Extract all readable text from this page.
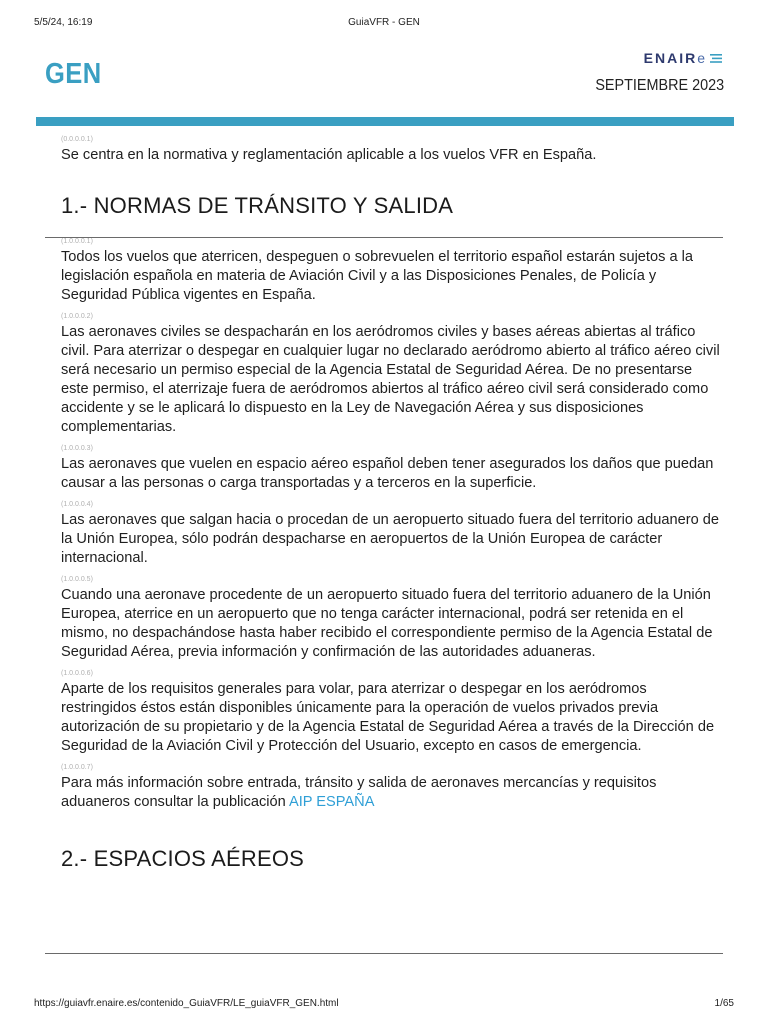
5/5/24, 16:19	GuiaVFR - GEN
GEN	ENAIRe
SEPTIEMBRE 2023
(0.0.0.0.1)

Se centra en la normativa y reglamentación aplicable a los vuelos VFR en España.

1.- NORMAS DE TRÁNSITO Y SALIDA
(1.0.0.0.1)

Todos los vuelos que aterricen, despeguen o sobrevuelen el territorio español estarán sujetos a la legislación española en materia de Aviación Civil y a las Disposiciones Penales, de Policía y Seguridad Pública vigentes en España.

(1.0.0.0.2)

Las aeronaves civiles se despacharán en los aeródromos civiles y bases aéreas abiertas al tráfico civil. Para aterrizar o despegar en cualquier lugar no declarado aeródromo abierto al tráfico aéreo civil será necesario un permiso especial de la Agencia Estatal de Seguridad Aérea. De no presentarse este permiso, el aterrizaje fuera de aeródromos abiertos al tráfico aéreo civil será considerado como accidente y se le aplicará lo dispuesto en la Ley de Navegación Aérea y sus disposiciones complementarias.

(1.0.0.0.3)

Las aeronaves que vuelen en espacio aéreo español deben tener asegurados los daños que puedan causar a las personas o carga transportadas y a terceros en la superficie.

(1.0.0.0.4)

Las aeronaves que salgan hacia o procedan de un aeropuerto situado fuera del territorio aduanero de la Unión Europea, sólo podrán despacharse en aeropuertos de la Unión Europea de carácter internacional.

(1.0.0.0.5)

Cuando una aeronave procedente de un aeropuerto situado fuera del territorio aduanero de la Unión Europea, aterrice en un aeropuerto que no tenga carácter internacional, podrá ser retenida en el mismo, no despachándose hasta haber recibido el correspondiente permiso de la Agencia Estatal de Seguridad Aérea, previa información y confirmación de las autoridades aduaneras.

(1.0.0.0.6)

Aparte de los requisitos generales para volar, para aterrizar o despegar en los aeródromos restringidos éstos están disponibles únicamente para la operación de vuelos privados previa autorización de su propietario y de la Agencia Estatal de Seguridad Aérea a través de la Dirección de Seguridad de la Aviación Civil y Protección del Usuario, excepto en casos de emergencia.

(1.0.0.0.7)

Para más información sobre entrada, tránsito y salida de aeronaves mercancías y requisitos aduaneros consultar la publicación AIP ESPAÑA

2.- ESPACIOS AÉREOS
https://guiavfr.enaire.es/contenido_GuiaVFR/LE_guiaVFR_GEN.html	1/65
